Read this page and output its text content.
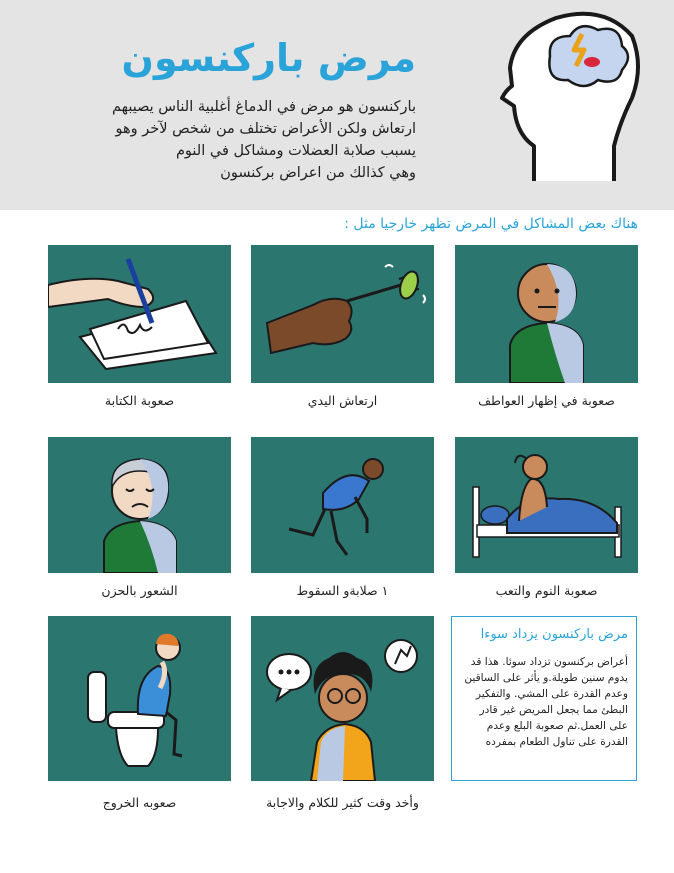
مرض باركنسون
باركنسون هو مرض في الدماغ أغلبية الناس يصيبهم
ارتعاش ولكن الأعراض تختلف من شخص لآخر وهو
يسبب صلابة العضلات ومشاكل في النوم
وهي كذالك من اعراض بركنسون
هناك بعض المشاكل في المرض تظهر خارجيا مثل :
صعوبة في إظهار العواطف
ارتعاش اليدي
صعوبة الكتابة
صعوبة النوم والتعب
١ صلابةو السقوط
الشعور بالحزن
وأخد وقت كثير للكلام والاجابة
صعوبه الخروج
مرض باركنسون يزداد سوءا
أعراض بركنسون تزداد سوئا. هذا قد
يدوم سنين طويلة.و يأثر على الساقين
وعدم القدرة على المشي. والتفكير
البطئ مما يجعل المريض غير قادر
على العمل.ثم صعوبة البلع وعدم
القدرة على تناول الطعام بمفرده
